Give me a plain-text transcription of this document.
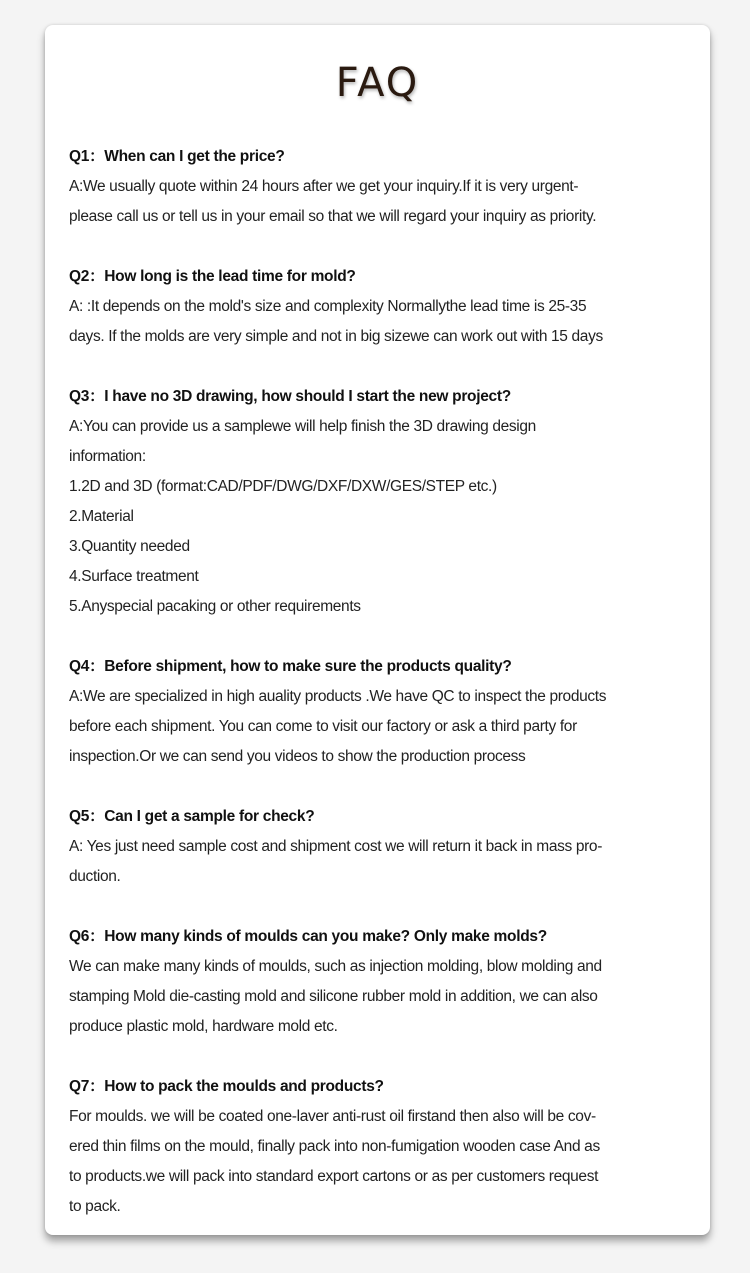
FAQ
Q1：When can I get the price?
A:We usually quote within 24 hours after we get your inquiry.If it is very urgent-
please call us or tell us in your email so that we will regard your inquiry as priority.
Q2：How long is the lead time for mold?
A: :It depends on the mold's size and complexity Normallythe lead time is 25-35
days. If the molds are very simple and not in big sizewe can work out with 15 days
Q3：I have no 3D drawing, how should I start the new project?
A:You can provide us a samplewe will help finish the 3D drawing design
information:
1.2D and 3D (format:CAD/PDF/DWG/DXF/DXW/GES/STEP etc.)
2.Material
3.Quantity needed
4.Surface treatment
5.Anyspecial pacaking or other requirements
Q4：Before shipment, how to make sure the products quality?
A:We are specialized in high auality products .We have QC to inspect the products
before each shipment. You can come to visit our factory or ask a third party for
inspection.Or we can send you videos to show the production process
Q5：Can I get a sample for check?
A: Yes just need sample cost and shipment cost we will return it back in mass pro-
duction.
Q6：How many kinds of moulds can you make? Only make molds?
We can make many kinds of moulds, such as injection molding, blow molding and
stamping Mold die-casting mold and silicone rubber mold in addition, we can also
produce plastic mold, hardware mold etc.
Q7：How to pack the moulds and products?
For moulds. we will be coated one-laver anti-rust oil firstand then also will be cov-
ered thin films on the mould, finally pack into non-fumigation wooden case And as
to products.we will pack into standard export cartons or as per customers request
to pack.
